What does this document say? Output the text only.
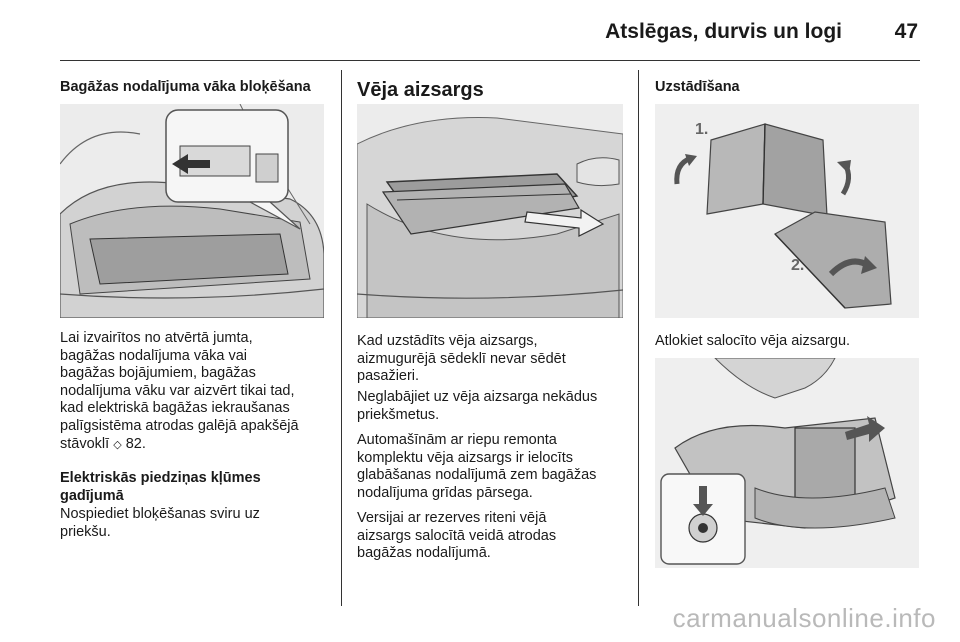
Atslēgas, durvis un logi	47
Bagāžas nodalījuma vāka bloķēšana
Lai izvairītos no atvērtā jumta,
bagāžas nodalījuma vāka vai
bagāžas bojājumiem, bagāžas
nodalījuma vāku var aizvērt tikai tad,
kad elektriskā bagāžas iekraušanas
palīgsistēma atrodas galējā apakšējā
stāvoklī ◇ 82.
Elektriskās piedziņas kļūmes
gadījumā
Nospiediet bloķēšanas sviru uz
priekšu.
Vēja aizsargs
Kad uzstādīts vēja aizsargs,
aizmugurējā sēdeklī nevar sēdēt
pasažieri.
Neglabājiet uz vēja aizsarga nekādus
priekšmetus.
Automašīnām ar riepu remonta
komplektu vēja aizsargs ir ielocīts
glabāšanas nodalījumā zem bagāžas
nodalījuma grīdas pārsega.
Versijai ar rezerves riteni vējā
aizsargs salocītā veidā atrodas
bagāžas nodalījumā.
Uzstādīšana
1.
2.
Atlokiet salocīto vēja aizsargu.
carmanualsonline.info
